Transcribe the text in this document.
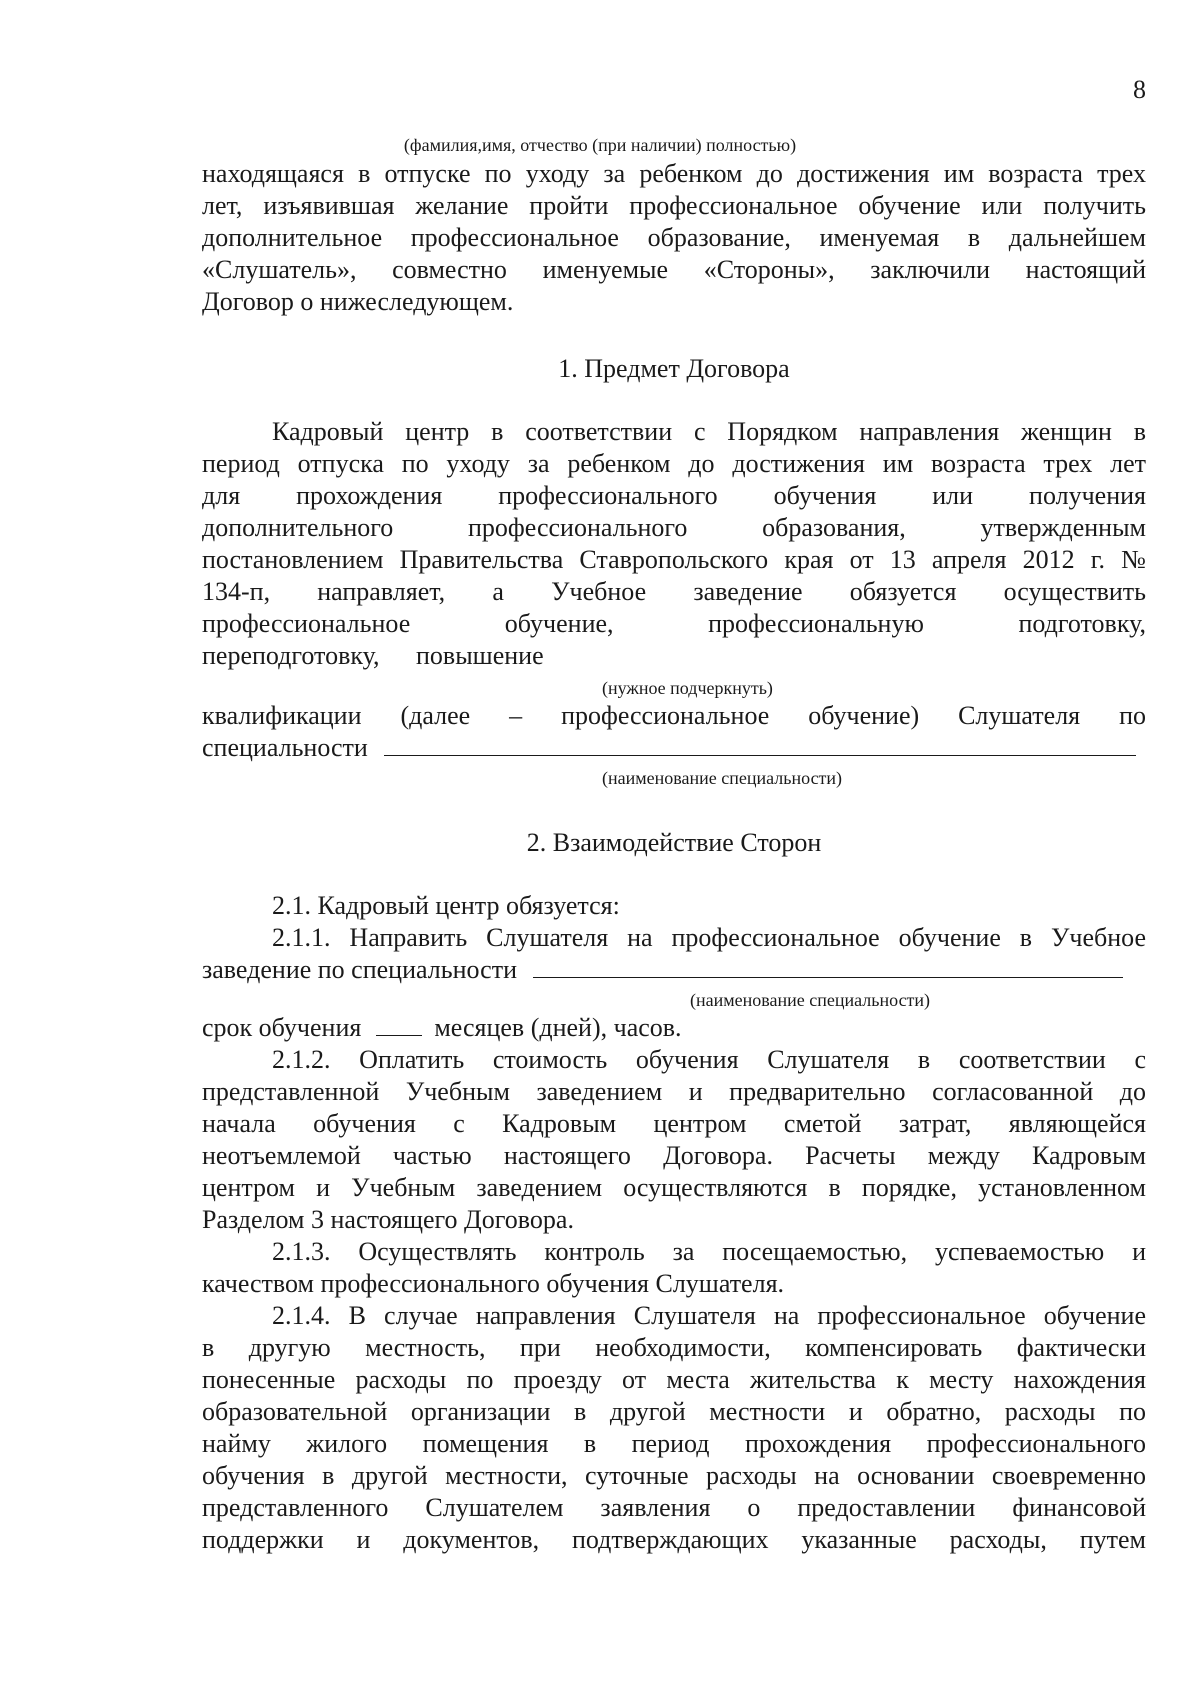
8
(фамилия,имя, отчество (при наличии) полностью)
находящаяся в отпуске по уходу за ребенком до достижения им возраста трех
лет, изъявившая желание пройти профессиональное обучение или получить
дополнительное профессиональное образование, именуемая в дальнейшем
«Слушатель», совместно именуемые «Стороны», заключили настоящий
Договор о нижеследующем.
1. Предмет Договора
Кадровый центр в соответствии с Порядком направления женщин в
период отпуска по уходу за ребенком до достижения им возраста трех лет
для прохождения профессионального обучения или получения
дополнительного профессионального образования, утвержденным
постановлением Правительства Ставропольского края от 13 апреля 2012 г. №
134-п, направляет, а Учебное заведение обязуется осуществить
профессиональное обучение, профессиональную подготовку,
переподготовку, повышение
(нужное подчеркнуть)
квалификации (далее – профессиональное обучение) Слушателя по
специальности
(наименование специальности)
2. Взаимодействие Сторон
2.1. Кадровый центр обязуется:
2.1.1. Направить Слушателя на профессиональное обучение в Учебное
заведение по специальности
(наименование специальности)
срок обучения	месяцев (дней), часов.
2.1.2. Оплатить стоимость обучения Слушателя в соответствии с
представленной Учебным заведением и предварительно согласованной до
начала обучения с Кадровым центром сметой затрат, являющейся
неотъемлемой частью настоящего Договора. Расчеты между Кадровым
центром и Учебным заведением осуществляются в порядке, установленном
Разделом 3 настоящего Договора.
2.1.3. Осуществлять контроль за посещаемостью, успеваемостью и
качеством профессионального обучения Слушателя.
2.1.4. В случае направления Слушателя на профессиональное обучение
в другую местность, при необходимости, компенсировать фактически
понесенные расходы по проезду от места жительства к месту нахождения
образовательной организации в другой местности и обратно, расходы по
найму жилого помещения в период прохождения профессионального
обучения в другой местности, суточные расходы на основании своевременно
представленного Слушателем заявления о предоставлении финансовой
поддержки и документов, подтверждающих указанные расходы, путем
